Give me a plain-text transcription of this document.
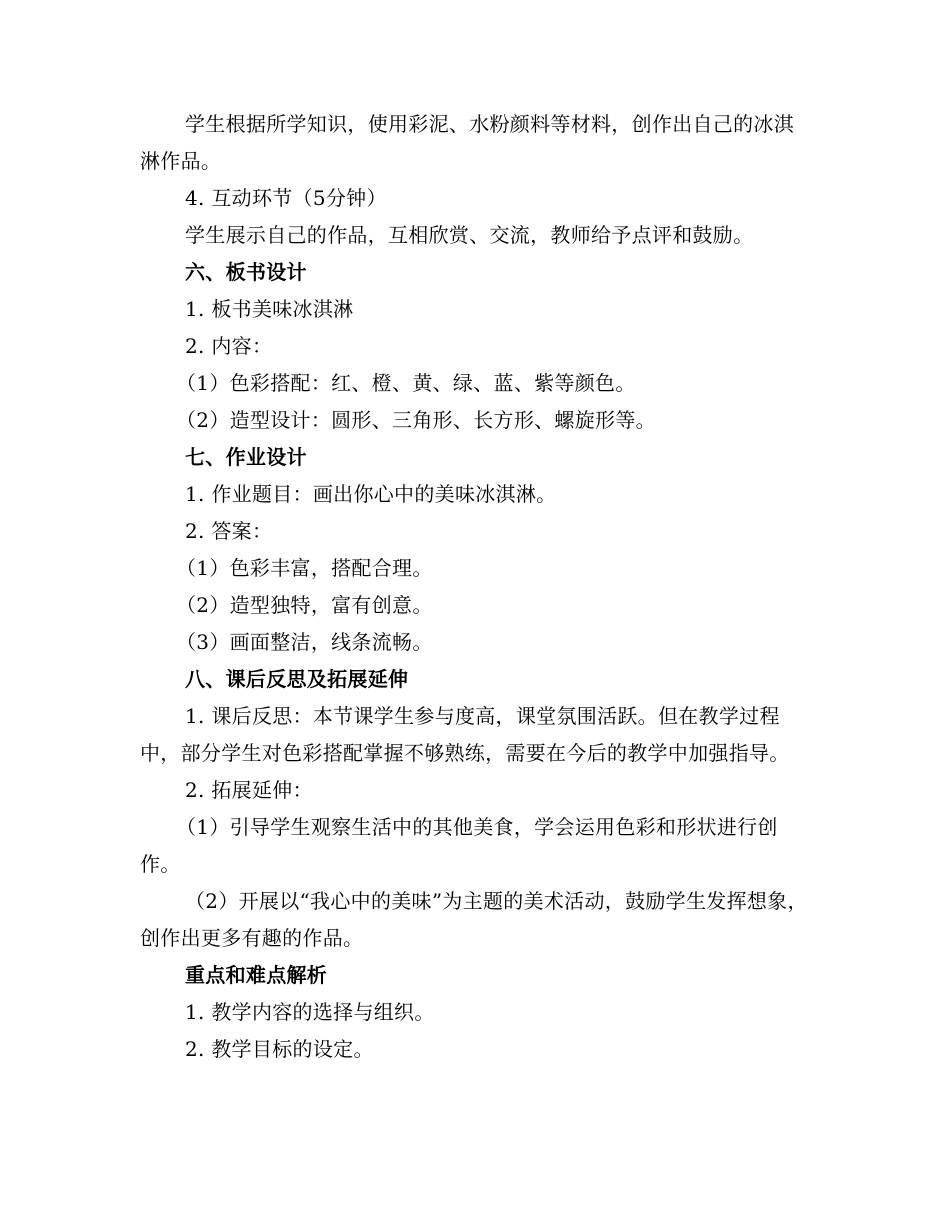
学生根据所学知识，使用彩泥、水粉颜料等材料，创作出自己的冰淇淋作品。
4. 互动环节（5分钟）
学生展示自己的作品，互相欣赏、交流，教师给予点评和鼓励。
六、板书设计
1. 板书美味冰淇淋
2. 内容：
（1）色彩搭配：红、橙、黄、绿、蓝、紫等颜色。
（2）造型设计：圆形、三角形、长方形、螺旋形等。
七、作业设计
1. 作业题目：画出你心中的美味冰淇淋。
2. 答案：
（1）色彩丰富，搭配合理。
（2）造型独特，富有创意。
（3）画面整洁，线条流畅。
八、课后反思及拓展延伸
1. 课后反思：本节课学生参与度高，课堂氛围活跃。但在教学过程中，部分学生对色彩搭配掌握不够熟练，需要在今后的教学中加强指导。
2. 拓展延伸：
（1）引导学生观察生活中的其他美食，学会运用色彩和形状进行创作。
（2）开展以“我心中的美味”为主题的美术活动，鼓励学生发挥想象，创作出更多有趣的作品。
重点和难点解析
1. 教学内容的选择与组织。
2. 教学目标的设定。
